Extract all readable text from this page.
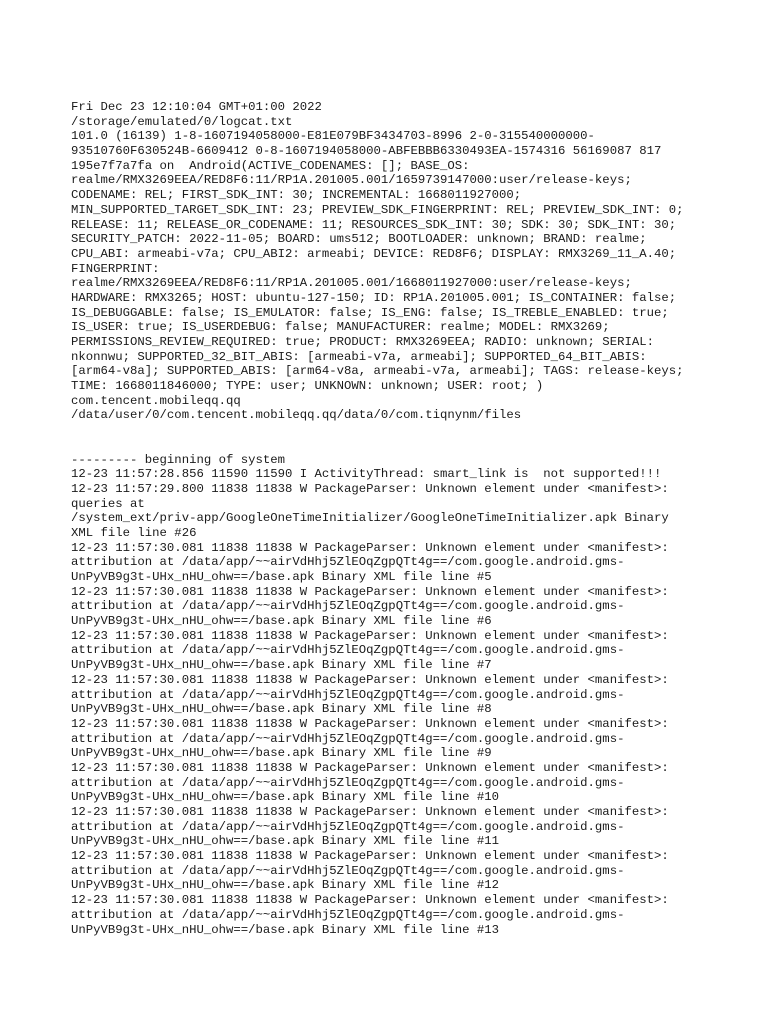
Fri Dec 23 12:10:04 GMT+01:00 2022
/storage/emulated/0/logcat.txt
101.0 (16139) 1-8-1607194058000-E81E079BF3434703-8996 2-0-315540000000-
93510760F630524B-6609412 0-8-1607194058000-ABFEBBB6330493EA-1574316 56169087 817
195e7f7a7fa on  Android(ACTIVE_CODENAMES: []; BASE_OS:
realme/RMX3269EEA/RED8F6:11/RP1A.201005.001/1659739147000:user/release-keys;
CODENAME: REL; FIRST_SDK_INT: 30; INCREMENTAL: 1668011927000;
MIN_SUPPORTED_TARGET_SDK_INT: 23; PREVIEW_SDK_FINGERPRINT: REL; PREVIEW_SDK_INT: 0;
RELEASE: 11; RELEASE_OR_CODENAME: 11; RESOURCES_SDK_INT: 30; SDK: 30; SDK_INT: 30;
SECURITY_PATCH: 2022-11-05; BOARD: ums512; BOOTLOADER: unknown; BRAND: realme;
CPU_ABI: armeabi-v7a; CPU_ABI2: armeabi; DEVICE: RED8F6; DISPLAY: RMX3269_11_A.40;
FINGERPRINT:
realme/RMX3269EEA/RED8F6:11/RP1A.201005.001/1668011927000:user/release-keys;
HARDWARE: RMX3265; HOST: ubuntu-127-150; ID: RP1A.201005.001; IS_CONTAINER: false;
IS_DEBUGGABLE: false; IS_EMULATOR: false; IS_ENG: false; IS_TREBLE_ENABLED: true;
IS_USER: true; IS_USERDEBUG: false; MANUFACTURER: realme; MODEL: RMX3269;
PERMISSIONS_REVIEW_REQUIRED: true; PRODUCT: RMX3269EEA; RADIO: unknown; SERIAL:
nkonnwu; SUPPORTED_32_BIT_ABIS: [armeabi-v7a, armeabi]; SUPPORTED_64_BIT_ABIS:
[arm64-v8a]; SUPPORTED_ABIS: [arm64-v8a, armeabi-v7a, armeabi]; TAGS: release-keys;
TIME: 1668011846000; TYPE: user; UNKNOWN: unknown; USER: root; )
com.tencent.mobileqq.qq
/data/user/0/com.tencent.mobileqq.qq/data/0/com.tiqnynm/files
--------- beginning of system
12-23 11:57:28.856 11590 11590 I ActivityThread: smart_link is  not supported!!!
12-23 11:57:29.800 11838 11838 W PackageParser: Unknown element under <manifest>:
queries at
/system_ext/priv-app/GoogleOneTimeInitializer/GoogleOneTimeInitializer.apk Binary
XML file line #26
12-23 11:57:30.081 11838 11838 W PackageParser: Unknown element under <manifest>:
attribution at /data/app/~~airVdHhj5ZlEOqZgpQTt4g==/com.google.android.gms-
UnPyVB9g3t-UHx_nHU_ohw==/base.apk Binary XML file line #5
12-23 11:57:30.081 11838 11838 W PackageParser: Unknown element under <manifest>:
attribution at /data/app/~~airVdHhj5ZlEOqZgpQTt4g==/com.google.android.gms-
UnPyVB9g3t-UHx_nHU_ohw==/base.apk Binary XML file line #6
12-23 11:57:30.081 11838 11838 W PackageParser: Unknown element under <manifest>:
attribution at /data/app/~~airVdHhj5ZlEOqZgpQTt4g==/com.google.android.gms-
UnPyVB9g3t-UHx_nHU_ohw==/base.apk Binary XML file line #7
12-23 11:57:30.081 11838 11838 W PackageParser: Unknown element under <manifest>:
attribution at /data/app/~~airVdHhj5ZlEOqZgpQTt4g==/com.google.android.gms-
UnPyVB9g3t-UHx_nHU_ohw==/base.apk Binary XML file line #8
12-23 11:57:30.081 11838 11838 W PackageParser: Unknown element under <manifest>:
attribution at /data/app/~~airVdHhj5ZlEOqZgpQTt4g==/com.google.android.gms-
UnPyVB9g3t-UHx_nHU_ohw==/base.apk Binary XML file line #9
12-23 11:57:30.081 11838 11838 W PackageParser: Unknown element under <manifest>:
attribution at /data/app/~~airVdHhj5ZlEOqZgpQTt4g==/com.google.android.gms-
UnPyVB9g3t-UHx_nHU_ohw==/base.apk Binary XML file line #10
12-23 11:57:30.081 11838 11838 W PackageParser: Unknown element under <manifest>:
attribution at /data/app/~~airVdHhj5ZlEOqZgpQTt4g==/com.google.android.gms-
UnPyVB9g3t-UHx_nHU_ohw==/base.apk Binary XML file line #11
12-23 11:57:30.081 11838 11838 W PackageParser: Unknown element under <manifest>:
attribution at /data/app/~~airVdHhj5ZlEOqZgpQTt4g==/com.google.android.gms-
UnPyVB9g3t-UHx_nHU_ohw==/base.apk Binary XML file line #12
12-23 11:57:30.081 11838 11838 W PackageParser: Unknown element under <manifest>:
attribution at /data/app/~~airVdHhj5ZlEOqZgpQTt4g==/com.google.android.gms-
UnPyVB9g3t-UHx_nHU_ohw==/base.apk Binary XML file line #13
